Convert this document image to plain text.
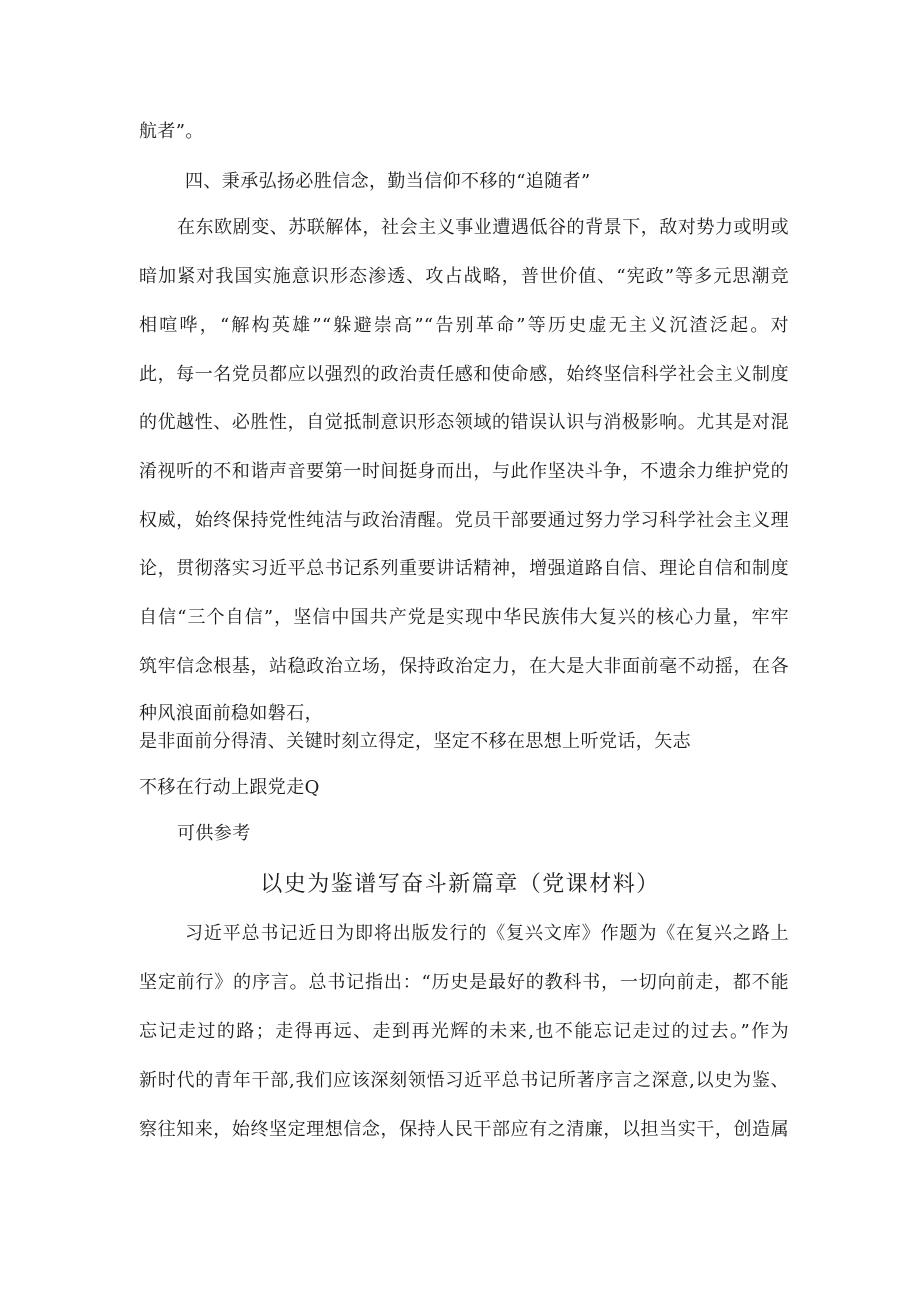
航者”。
四、秉承弘扬必胜信念，勤当信仰不移的“追随者”
在东欧剧变、苏联解体，社会主义事业遭遇低谷的背景下，敌对势力或明或
暗加紧对我国实施意识形态渗透、攻占战略，普世价值、“宪政”等多元思潮竞
相喧哗，“解构英雄”“躲避崇高”“告别革命”等历史虚无主义沉渣泛起。对
此，每一名党员都应以强烈的政治责任感和使命感，始终坚信科学社会主义制度
的优越性、必胜性，自觉抵制意识形态领域的错误认识与消极影响。尤其是对混
淆视听的不和谐声音要第一时间挺身而出，与此作坚决斗争，不遗余力维护党的
权威，始终保持党性纯洁与政治清醒。党员干部要通过努力学习科学社会主义理
论，贯彻落实习近平总书记系列重要讲话精神，增强道路自信、理论自信和制度
自信“三个自信”，坚信中国共产党是实现中华民族伟大复兴的核心力量，牢牢
筑牢信念根基，站稳政治立场，保持政治定力，在大是大非面前毫不动摇，在各
种风浪面前稳如磐石，
是非面前分得清、关键时刻立得定，坚定不移在思想上听党话，矢志
不移在行动上跟党走Q
可供参考
以史为鉴谱写奋斗新篇章（党课材料）
习近平总书记近日为即将出版发行的《复兴文库》作题为《在复兴之路上
坚定前行》的序言。总书记指出：“历史是最好的教科书，一切向前走，都不能
忘记走过的路；走得再远、走到再光辉的未来,也不能忘记走过的过去。”作为
新时代的青年干部,我们应该深刻领悟习近平总书记所著序言之深意,以史为鉴、
察往知来，始终坚定理想信念，保持人民干部应有之清廉，以担当实干，创造属
